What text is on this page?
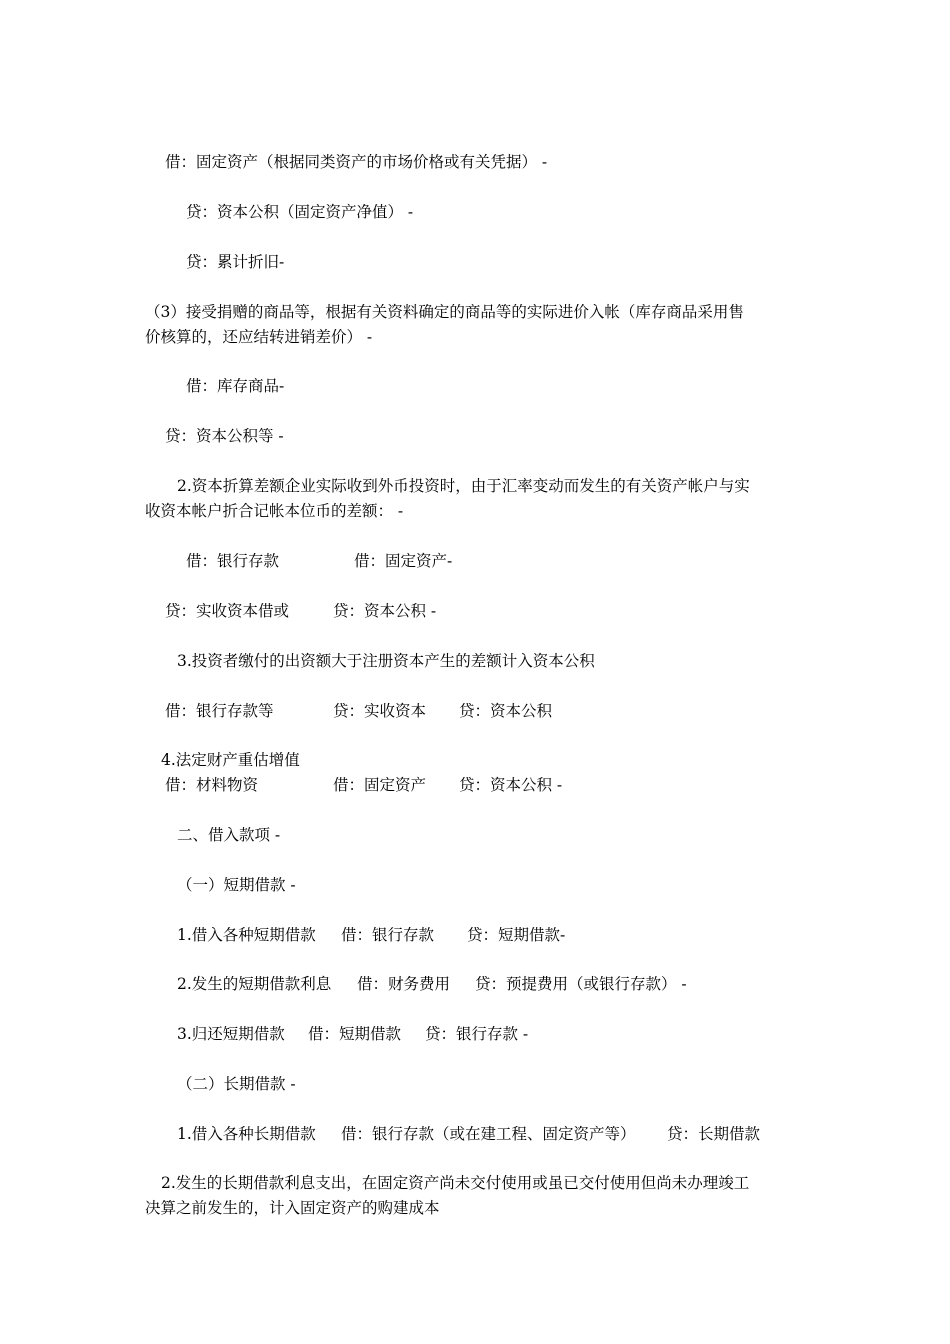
借：固定资产（根据同类资产的市场价格或有关凭据） -

贷：资本公积（固定资产净值） -

贷：累计折旧-

（3）接受捐赠的商品等，根据有关资料确定的商品等的实际进价入帐（库存商品采用售

价核算的，还应结转进销差价） -

借：库存商品-

贷：资本公积等 -

2.资本折算差额企业实际收到外币投资时，由于汇率变动而发生的有关资产帐户与实

收资本帐户折合记帐本位币的差额： -

借：银行存款	借：固定资产-

贷：实收资本借或	贷：资本公积 -

3.投资者缴付的出资额大于注册资本产生的差额计入资本公积

借：银行存款等	贷：实收资本 贷：资本公积

4.法定财产重估增值

借：材料物资	借：固定资产 贷：资本公积 -

二、借入款项 -

（一）短期借款 -

1.借入各种短期借款 借：银行存款 贷：短期借款-

2.发生的短期借款利息 借：财务费用 贷：预提费用（或银行存款） -

3.归还短期借款 借：短期借款 贷：银行存款 -

（二）长期借款 -

1.借入各种长期借款 借：银行存款（或在建工程、固定资产等） 贷：长期借款

2.发生的长期借款利息支出，在固定资产尚未交付使用或虽已交付使用但尚未办理竣工

决算之前发生的，计入固定资产的购建成本
